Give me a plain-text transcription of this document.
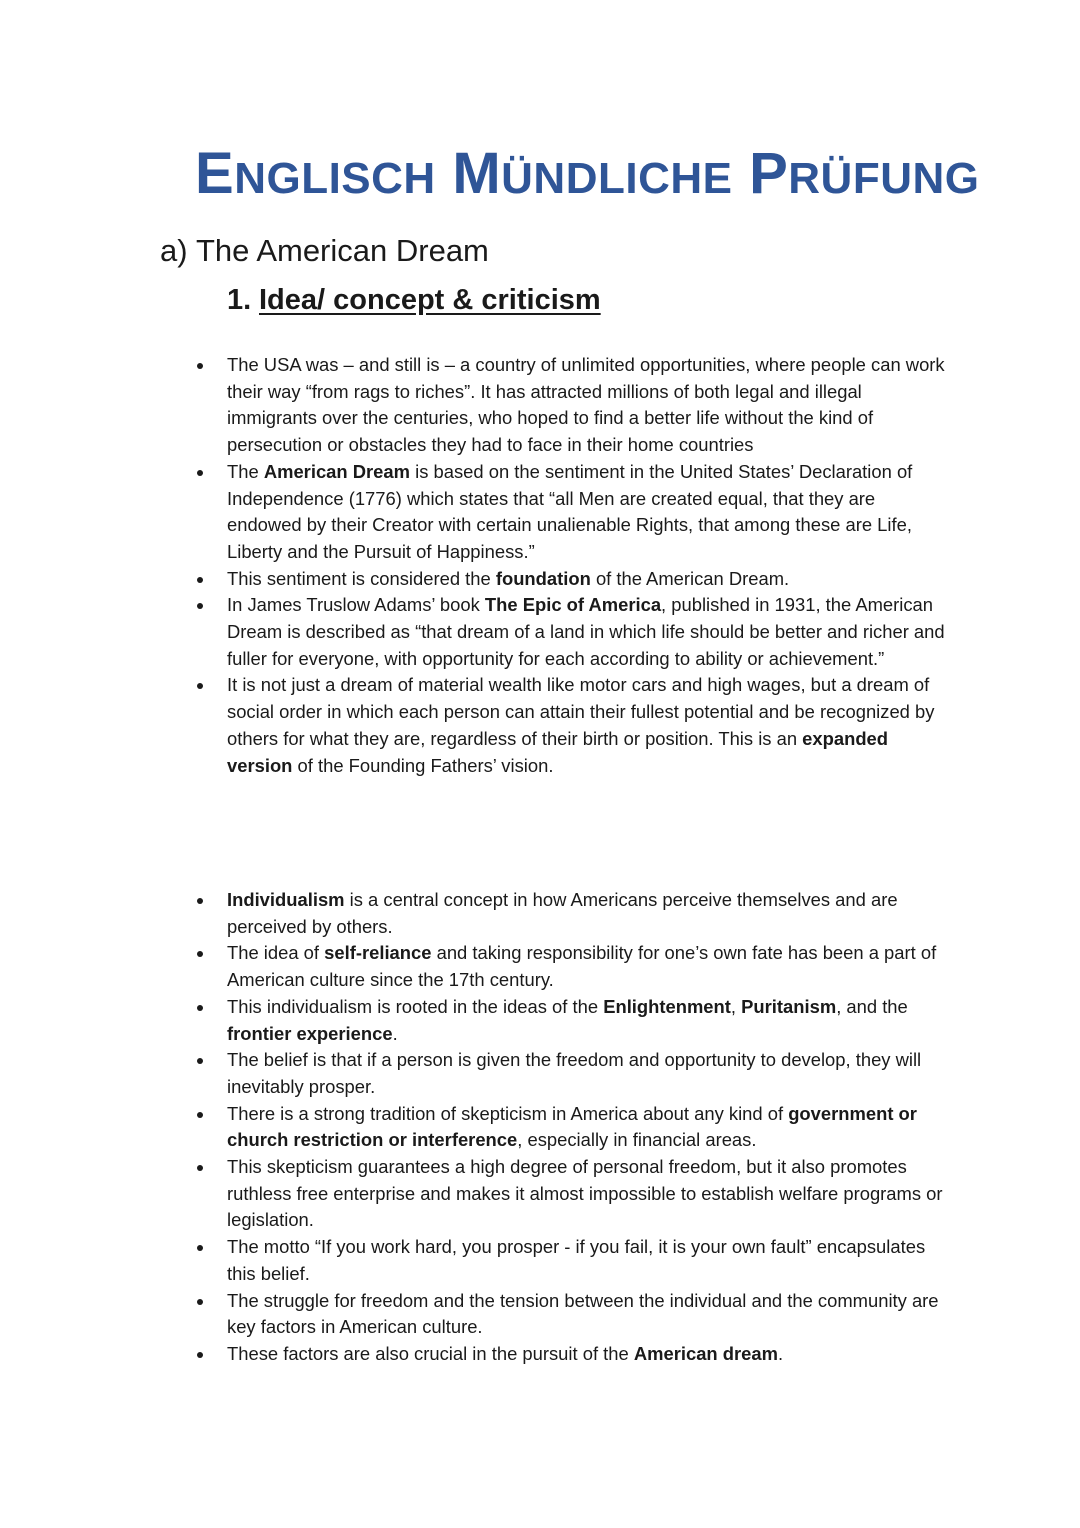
ENGLISCH MÜNDLICHE PRÜFUNG
a) The American Dream
1. Idea/ concept & criticism
The USA was – and still is – a country of unlimited opportunities, where people can work their way “from rags to riches”. It has attracted millions of both legal and illegal immigrants over the centuries, who hoped to find a better life without the kind of persecution or obstacles they had to face in their home countries
The American Dream is based on the sentiment in the United States’ Declaration of Independence (1776) which states that “all Men are created equal, that they are endowed by their Creator with certain unalienable Rights, that among these are Life, Liberty and the Pursuit of Happiness.”
This sentiment is considered the foundation of the American Dream.
In James Truslow Adams’ book The Epic of America, published in 1931, the American Dream is described as “that dream of a land in which life should be better and richer and fuller for everyone, with opportunity for each according to ability or achievement.”
It is not just a dream of material wealth like motor cars and high wages, but a dream of social order in which each person can attain their fullest potential and be recognized by others for what they are, regardless of their birth or position. This is an expanded version of the Founding Fathers’ vision.
Individualism is a central concept in how Americans perceive themselves and are perceived by others.
The idea of self-reliance and taking responsibility for one’s own fate has been a part of American culture since the 17th century.
This individualism is rooted in the ideas of the Enlightenment, Puritanism, and the frontier experience.
The belief is that if a person is given the freedom and opportunity to develop, they will inevitably prosper.
There is a strong tradition of skepticism in America about any kind of government or church restriction or interference, especially in financial areas.
This skepticism guarantees a high degree of personal freedom, but it also promotes ruthless free enterprise and makes it almost impossible to establish welfare programs or legislation.
The motto “If you work hard, you prosper - if you fail, it is your own fault” encapsulates this belief.
The struggle for freedom and the tension between the individual and the community are key factors in American culture.
These factors are also crucial in the pursuit of the American dream.
